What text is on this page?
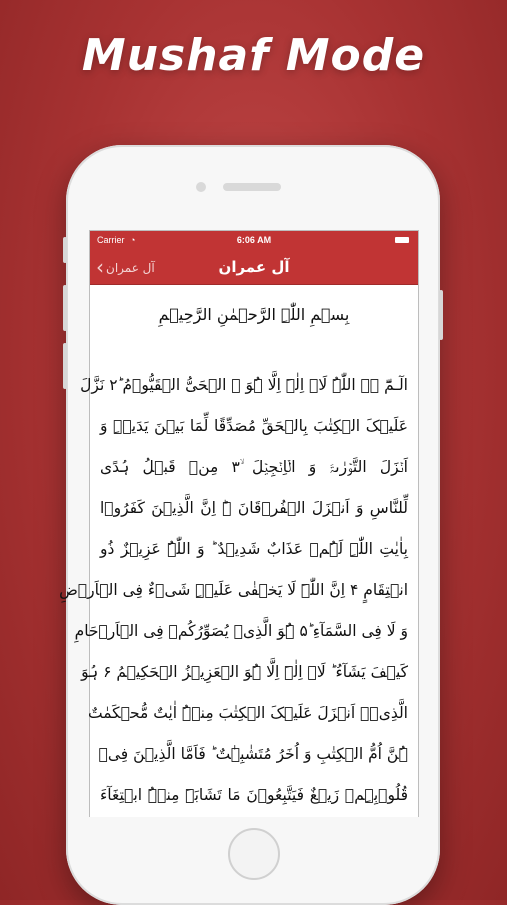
Mushaf Mode
Carrier ◔	6:06 AM
‹ آل عمران	آل عمران
بِسۡمِ اللّٰہِ الرَّحۡمٰنِ الرَّحِیۡمِ
الٓـمّٓ ۟ۙ اللّٰہُ لَاۤ اِلٰہَ اِلَّا ہُوَ ۙ الۡحَیُّ الۡقَیُّوۡمُ ؕ۲ نَزَّلَ
عَلَیۡکَ الۡکِتٰبَ بِالۡحَقِّ مُصَدِّقًا لِّمَا بَیۡنَ یَدَیۡہِ وَ
اَنۡزَلَ التَّوۡرٰىۃَ وَ الۡاِنۡجِیۡلَ ۙ۳ مِنۡ قَبۡلُ ہُدًی
لِّلنَّاسِ وَ اَنۡزَلَ الۡفُرۡقَانَ ۬ؕ اِنَّ الَّذِیۡنَ کَفَرُوۡا
بِاٰیٰتِ اللّٰہِ لَہُمۡ عَذَابٌ شَدِیۡدٌ ؕ وَ اللّٰہُ عَزِیۡزٌ ذُو
انۡتِقَامٍ ۴ اِنَّ اللّٰہَ لَا یَخۡفٰی عَلَیۡہِ شَیۡءٌ فِی الۡاَرۡضِ
وَ لَا فِی السَّمَآءِ ؕ۵ ہُوَ الَّذِیۡ یُصَوِّرُکُمۡ فِی الۡاَرۡحَامِ
کَیۡفَ یَشَآءُ ؕ لَاۤ اِلٰہَ اِلَّا ہُوَ الۡعَزِیۡزُ الۡحَکِیۡمُ ۶ ہُوَ
الَّذِیۡۤ اَنۡزَلَ عَلَیۡکَ الۡکِتٰبَ مِنۡہُ اٰیٰتٌ مُّحۡکَمٰتٌ
ہُنَّ اُمُّ الۡکِتٰبِ وَ اُخَرُ مُتَشٰبِہٰتٌ ؕ فَاَمَّا الَّذِیۡنَ فِیۡ
قُلُوۡبِہِمۡ زَیۡغٌ فَیَتَّبِعُوۡنَ مَا تَشَابَہَ مِنۡہُ ابۡتِغَآءَ
